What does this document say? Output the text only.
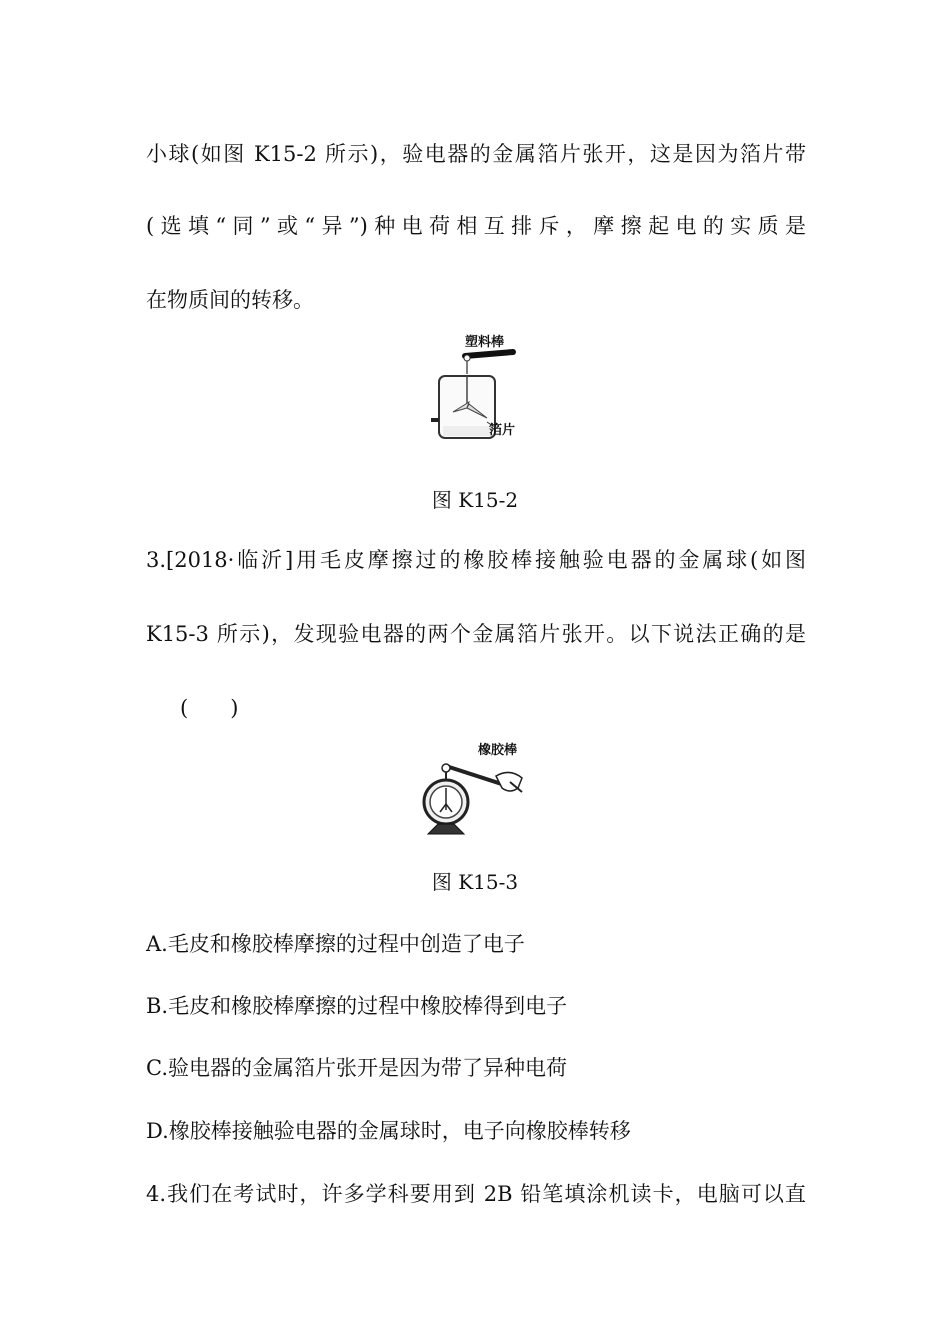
小球(如图 K15-2 所示)，验电器的金属箔片张开，这是因为箔片带
(选填“同”或“异”)种电荷相互排斥，摩擦起电的实质是
在物质间的转移。
塑料棒
箔片
图 K15-2
3.[2018·临沂]用毛皮摩擦过的橡胶棒接触验电器的金属球(如图
K15-3 所示)，发现验电器的两个金属箔片张开。以下说法正确的是
(　　)
橡胶棒
图 K15-3
A.毛皮和橡胶棒摩擦的过程中创造了电子
B.毛皮和橡胶棒摩擦的过程中橡胶棒得到电子
C.验电器的金属箔片张开是因为带了异种电荷
D.橡胶棒接触验电器的金属球时，电子向橡胶棒转移
4.我们在考试时，许多学科要用到 2B 铅笔填涂机读卡，电脑可以直
